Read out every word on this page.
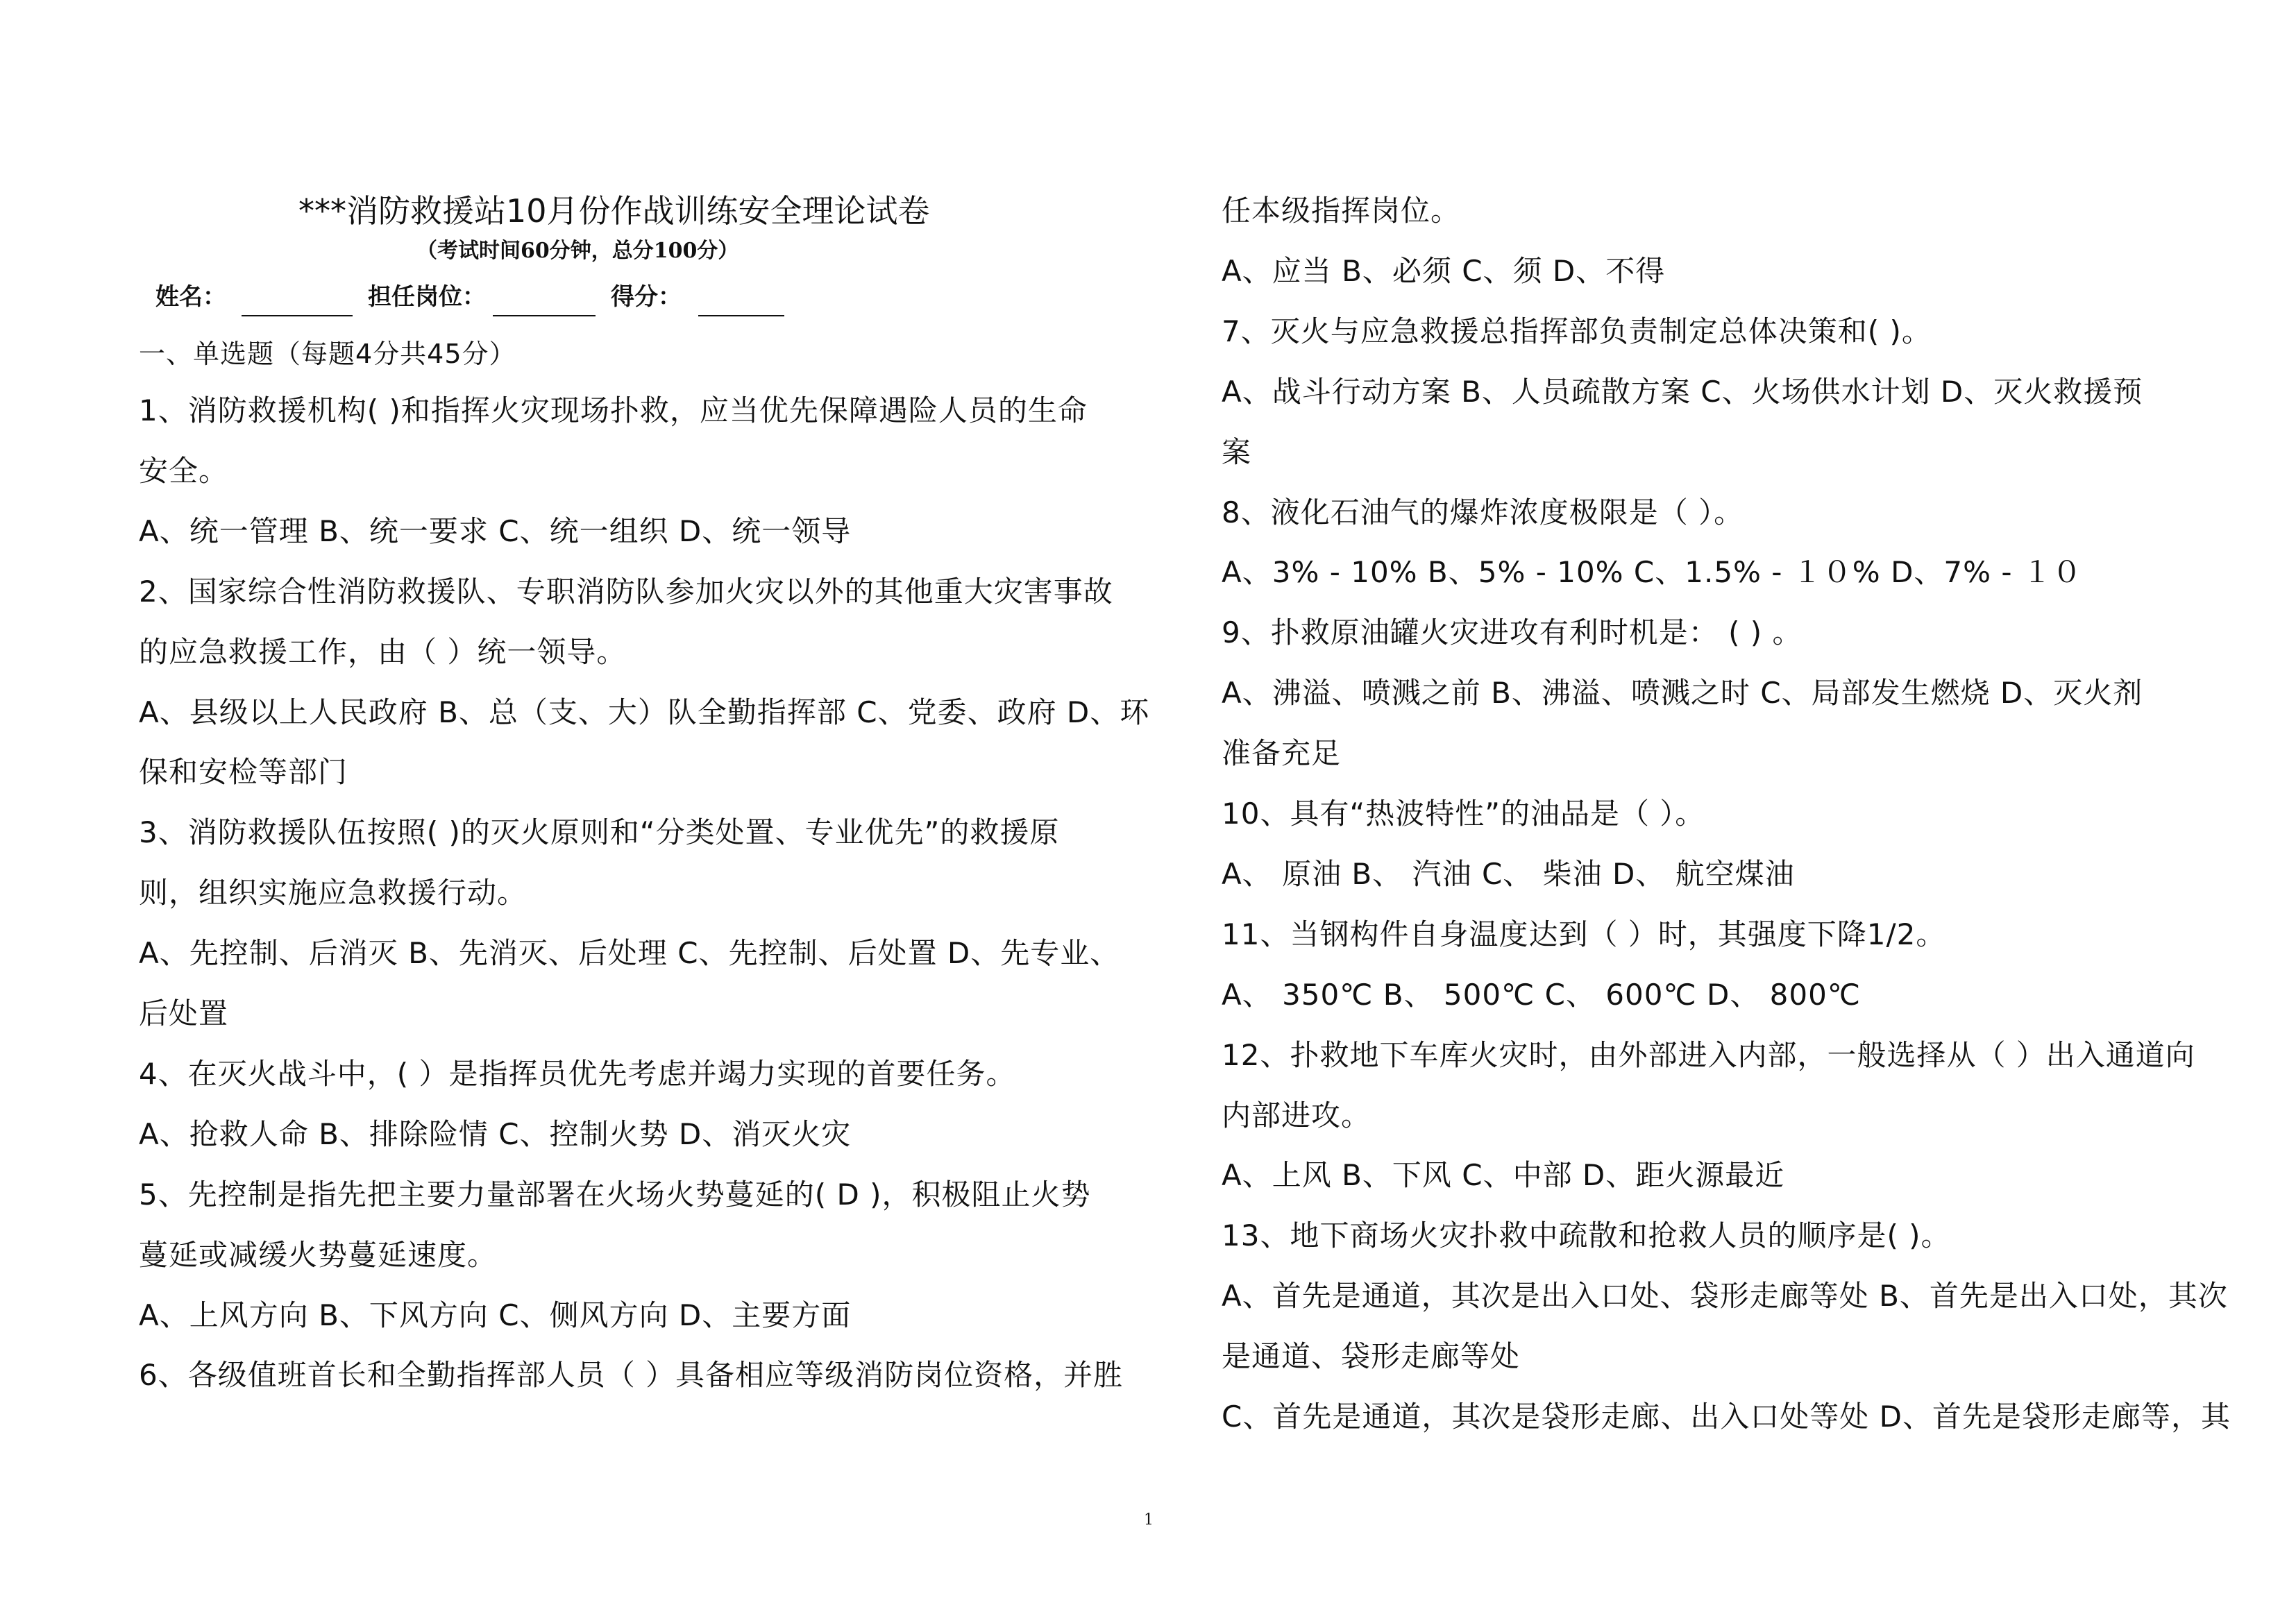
***消防救援站10月份作战训练安全理论试卷
（考试时间60分钟，总分100分）
姓名：	担任岗位：	得分：
一、单选题（每题4分共45分）
1、消防救援机构( )和指挥火灾现场扑救，应当优先保障遇险人员的生命
安全。
A、统一管理 B、统一要求 C、统一组织 D、统一领导
2、国家综合性消防救援队、专职消防队参加火灾以外的其他重大灾害事故
的应急救援工作，由（ ）统一领导。
A、县级以上人民政府 B、总（支、大）队全勤指挥部 C、党委、政府 D、环
保和安检等部门
3、消防救援队伍按照( )的灭火原则和“分类处置、专业优先”的救援原
则，组织实施应急救援行动。
A、先控制、后消灭 B、先消灭、后处理 C、先控制、后处置 D、先专业、
后处置
4、在灭火战斗中，( ）是指挥员优先考虑并竭力实现的首要任务。
A、抢救人命 B、排除险情 C、控制火势 D、消灭火灾
5、先控制是指先把主要力量部署在火场火势蔓延的( D )，积极阻止火势
蔓延或减缓火势蔓延速度。
A、上风方向 B、下风方向 C、侧风方向 D、主要方面
6、各级值班首长和全勤指挥部人员（ ）具备相应等级消防岗位资格，并胜
任本级指挥岗位。
A、应当 B、必须 C、须 D、不得
7、灭火与应急救援总指挥部负责制定总体决策和( )。
A、战斗行动方案 B、人员疏散方案 C、火场供水计划 D、灭火救援预
案
8、液化石油气的爆炸浓度极限是（ ）。
A、3% - 10% B、5% - 10% C、1.5% - １０% D、7% - １０
9、扑救原油罐火灾进攻有利时机是： ( ) 。
A、沸溢、喷溅之前 B、沸溢、喷溅之时 C、局部发生燃烧 D、灭火剂
准备充足
10、具有“热波特性”的油品是（ ）。
A、 原油 B、 汽油 C、 柴油 D、 航空煤油
11、当钢构件自身温度达到（ ）时，其强度下降1/2。
A、 350℃ B、 500℃ C、 600℃ D、 800℃
12、扑救地下车库火灾时，由外部进入内部，一般选择从（ ）出入通道向
内部进攻。
A、上风 B、下风 C、中部 D、距火源最近
13、地下商场火灾扑救中疏散和抢救人员的顺序是( )。
A、首先是通道，其次是出入口处、袋形走廊等处 B、首先是出入口处，其次
是通道、袋形走廊等处
C、首先是通道，其次是袋形走廊、出入口处等处 D、首先是袋形走廊等，其
1
